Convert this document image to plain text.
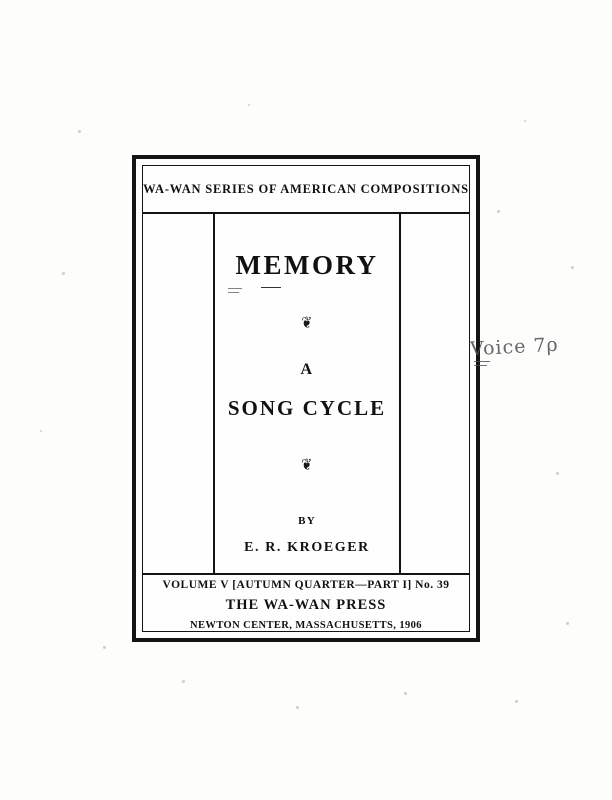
WA-WAN SERIES OF AMERICAN COMPOSITIONS
MEMORY
❦
A
SONG CYCLE
❦
BY
E. R. KROEGER
VOLUME V [AUTUMN QUARTER—PART I] No. 39
THE WA-WAN PRESS
NEWTON CENTER, MASSACHUSETTS, 1906
Voice 7ρ
